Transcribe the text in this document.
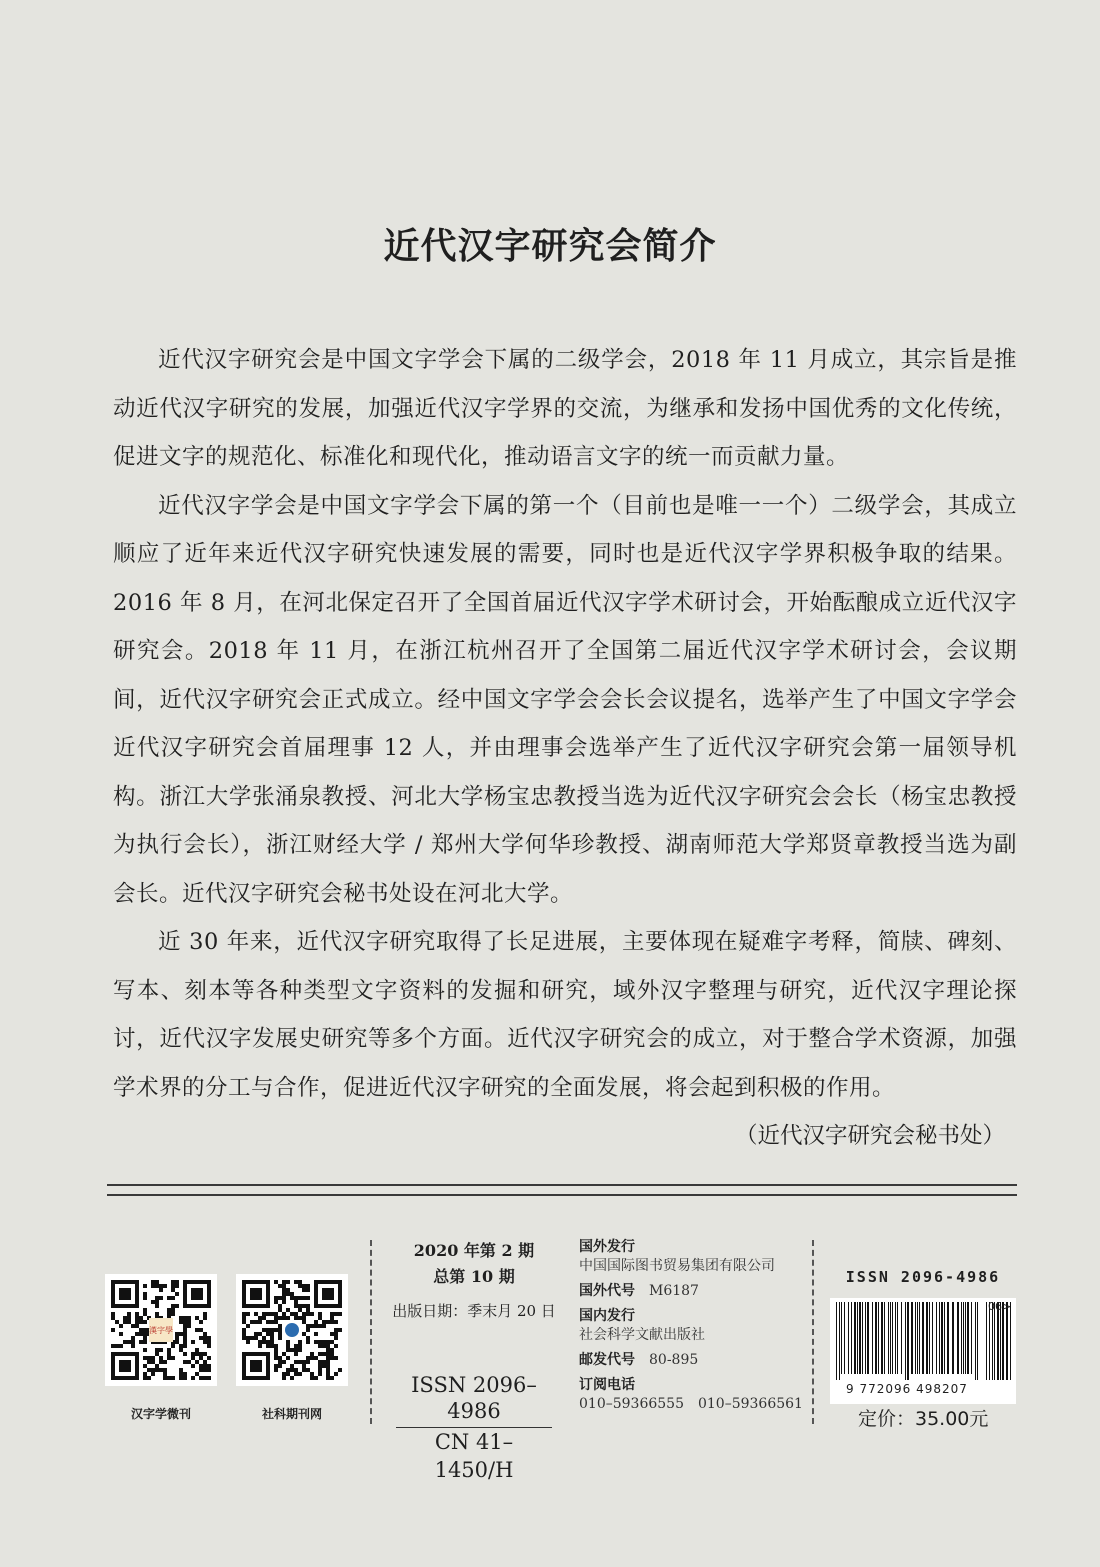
近代汉字研究会简介

近代汉字研究会是中国文字学会下属的二级学会，2018 年 11 月成立，其宗旨是推动近代汉字研究的发展，加强近代汉字学界的交流，为继承和发扬中国优秀的文化传统，促进文字的规范化、标准化和现代化，推动语言文字的统一而贡献力量。

近代汉字学会是中国文字学会下属的第一个（目前也是唯一一个）二级学会，其成立顺应了近年来近代汉字研究快速发展的需要，同时也是近代汉字学界积极争取的结果。2016 年 8 月，在河北保定召开了全国首届近代汉字学术研讨会，开始酝酿成立近代汉字研究会。2018 年 11 月，在浙江杭州召开了全国第二届近代汉字学术研讨会，会议期间，近代汉字研究会正式成立。经中国文字学会会长会议提名，选举产生了中国文字学会近代汉字研究会首届理事 12 人，并由理事会选举产生了近代汉字研究会第一届领导机构。浙江大学张涌泉教授、河北大学杨宝忠教授当选为近代汉字研究会会长（杨宝忠教授为执行会长），浙江财经大学 / 郑州大学何华珍教授、湖南师范大学郑贤章教授当选为副会长。近代汉字研究会秘书处设在河北大学。

近 30 年来，近代汉字研究取得了长足进展，主要体现在疑难字考释，简牍、碑刻、写本、刻本等各种类型文字资料的发掘和研究，域外汉字整理与研究，近代汉字理论探讨，近代汉字发展史研究等多个方面。近代汉字研究会的成立，对于整合学术资源，加强学术界的分工与合作，促进近代汉字研究的全面发展，将会起到积极的作用。

（近代汉字研究会秘书处）

漢字學
汉字学微刊	社科期刊网
2020 年第 2 期
总第 10 期
出版日期：季末月 20 日
ISSN 2096–4986
CN 41–1450/H
国外发行
中国国际图书贸易集团有限公司
国外代号 M6187
国内发行
社会科学文献出版社
邮发代号 80-895
订阅电话
010–59366555　010–59366561
ISSN 2096-4986
06>
9 772096 498207
定价：35.00元
